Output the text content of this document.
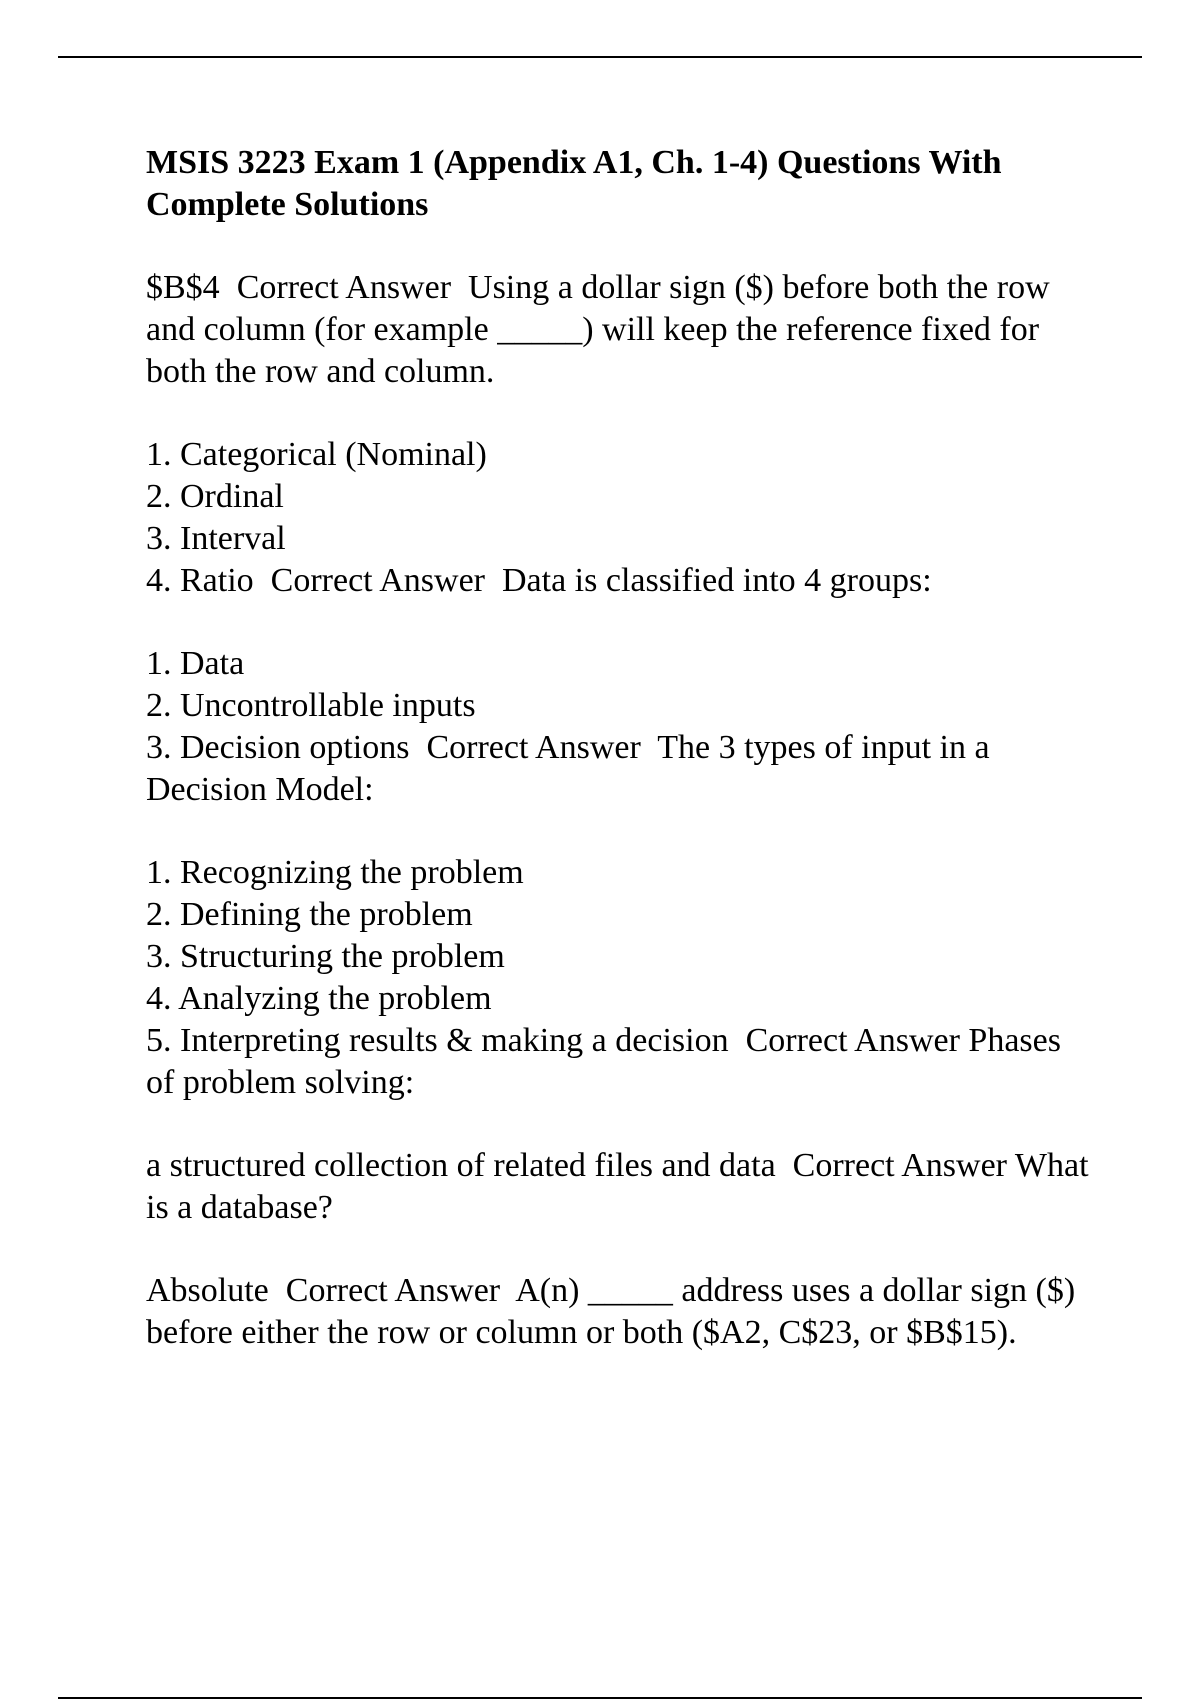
MSIS 3223 Exam 1 (Appendix A1, Ch. 1-4) Questions With Complete Solutions
$B$4 Correct Answer Using a dollar sign ($) before both the row and column (for example _____) will keep the reference fixed for both the row and column.
1. Categorical (Nominal)
2. Ordinal
3. Interval
4. Ratio Correct Answer Data is classified into 4 groups:
1. Data
2. Uncontrollable inputs
3. Decision options Correct Answer The 3 types of input in a Decision Model:
1. Recognizing the problem
2. Defining the problem
3. Structuring the problem
4. Analyzing the problem
5. Interpreting results & making a decision Correct Answer Phases of problem solving:
a structured collection of related files and data Correct Answer What is a database?
Absolute Correct Answer A(n) _____ address uses a dollar sign ($) before either the row or column or both ($A2, C$23, or $B$15).
